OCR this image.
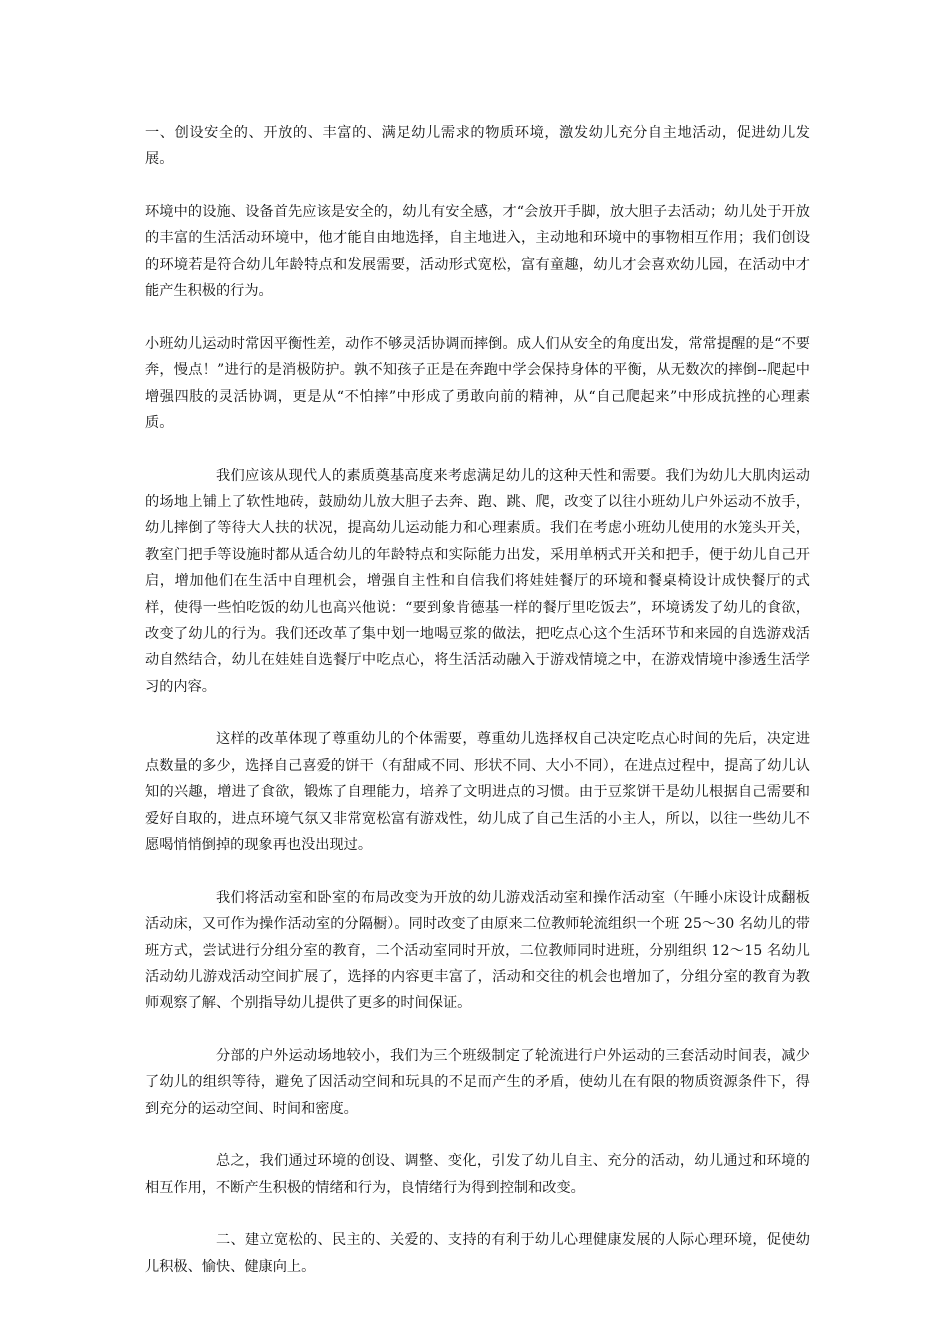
一、创设安全的、开放的、丰富的、满足幼儿需求的物质环境，激发幼儿充分自主地活动，促进幼儿发展。

环境中的设施、设备首先应该是安全的，幼儿有安全感，才“会放开手脚，放大胆子去活动；幼儿处于开放的丰富的生活活动环境中，他才能自由地选择，自主地进入，主动地和环境中的事物相互作用；我们创设的环境若是符合幼儿年龄特点和发展需要，活动形式宽松，富有童趣，幼儿才会喜欢幼儿园，在活动中才能产生积极的行为。

小班幼儿运动时常因平衡性差，动作不够灵活协调而摔倒。成人们从安全的角度出发，常常提醒的是“不要奔，慢点！”进行的是消极防护。孰不知孩子正是在奔跑中学会保持身体的平衡，从无数次的摔倒--爬起中增强四肢的灵活协调，更是从“不怕摔”中形成了勇敢向前的精神，从“自己爬起来”中形成抗挫的心理素质。

我们应该从现代人的素质奠基高度来考虑满足幼儿的这种天性和需要。我们为幼儿大肌肉运动的场地上铺上了软性地砖，鼓励幼儿放大胆子去奔、跑、跳、爬，改变了以往小班幼儿户外运动不放手，幼儿摔倒了等待大人扶的状况，提高幼儿运动能力和心理素质。我们在考虑小班幼儿使用的水笼头开关，教室门把手等设施时都从适合幼儿的年龄特点和实际能力出发，采用单柄式开关和把手，便于幼儿自己开启，增加他们在生活中自理机会，增强自主性和自信我们将娃娃餐厅的环境和餐桌椅设计成快餐厅的式样，使得一些怕吃饭的幼儿也高兴他说：“要到象肯德基一样的餐厅里吃饭去”，环境诱发了幼儿的食欲，改变了幼儿的行为。我们还改革了集中划一地喝豆浆的做法，把吃点心这个生活环节和来园的自选游戏活动自然结合，幼儿在娃娃自选餐厅中吃点心，将生活活动融入于游戏情境之中，在游戏情境中渗透生活学习的内容。

这样的改革体现了尊重幼儿的个体需要，尊重幼儿选择权自己决定吃点心时间的先后，决定进点数量的多少，选择自己喜爱的饼干（有甜咸不同、形状不同、大小不同），在进点过程中，提高了幼儿认知的兴趣，增进了食欲，锻炼了自理能力，培养了文明进点的习惯。由于豆浆饼干是幼儿根据自己需要和爱好自取的，进点环境气氛又非常宽松富有游戏性，幼儿成了自己生活的小主人，所以，以往一些幼儿不愿喝悄悄倒掉的现象再也没出现过。

我们将活动室和卧室的布局改变为开放的幼儿游戏活动室和操作活动室（午睡小床设计成翻板活动床，又可作为操作活动室的分隔橱）。同时改变了由原来二位教师轮流组织一个班 25～30 名幼儿的带班方式，尝试进行分组分室的教育，二个活动室同时开放，二位教师同时进班，分别组织 12～15 名幼儿活动幼儿游戏活动空间扩展了，选择的内容更丰富了，活动和交往的机会也增加了，分组分室的教育为教师观察了解、个别指导幼儿提供了更多的时间保证。

分部的户外运动场地较小，我们为三个班级制定了轮流进行户外运动的三套活动时间表，减少了幼儿的组织等待，避免了因活动空间和玩具的不足而产生的矛盾，使幼儿在有限的物质资源条件下，得到充分的运动空间、时间和密度。

总之，我们通过环境的创设、调整、变化，引发了幼儿自主、充分的活动，幼儿通过和环境的相互作用，不断产生积极的情绪和行为，良情绪行为得到控制和改变。

二、建立宽松的、民主的、关爱的、支持的有利于幼儿心理健康发展的人际心理环境，促使幼儿积极、愉快、健康向上。
